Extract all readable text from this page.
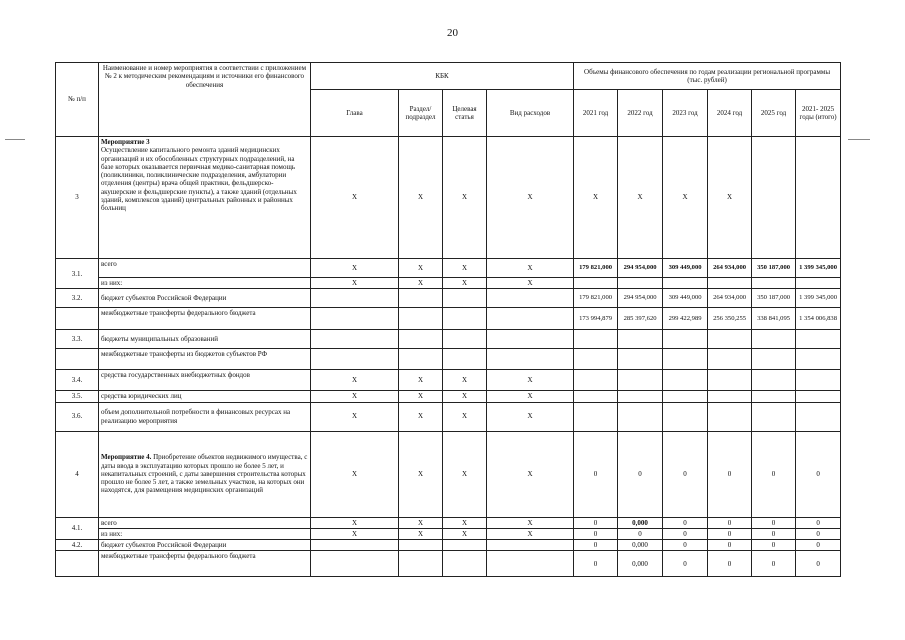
20
№ п/п	Наименование и номер мероприятия в соответствии с приложением № 2 к методическим рекомендациям и источники его финансового обеспечения	КБК				Объемы финансового обеспечения по годам реализации региональной программы (тыс. рублей)					
		Глава	Раздел/ подраздел	Целевая статья	Вид расходов	2021 год	2022 год	2023 год	2024 год	2025 год	2021- 2025 годы (итого)
3	Мероприятие 3
Осуществление капитального ремонта зданий медицинских организаций и их обособленных структурных подразделений, на базе которых оказывается первичная медико-санитарная помощь (поликлиники, поликлинические подразделения, амбулатории отделения (центры) врача общей практики, фельдшерско-акушерские и фельдшерские пункты), а также зданий (отдельных зданий, комплексов зданий) центральных районных и районных больниц	Х	Х	Х	Х	Х	Х	Х	Х		
3.1.	всего	Х	Х	Х	Х	179 821,000	294 954,000	309 449,000	264 934,000	350 187,000	1 399 345,000
	из них:	Х	Х	Х	Х						
3.2.	бюджет субъектов Российской Федерации					179 821,000	294 954,000	309 449,000	264 934,000	350 187,000	1 399 345,000
	межбюджетные трансферты федерального бюджета					173 994,879	285 397,620	299 422,989	256 350,255	338 841,095	1 354 006,838
3.3.	бюджеты муниципальных образований										
	межбюджетные трансферты из бюджетов субъектов РФ										
3.4.	средства государственных внебюджетных фондов	Х	Х	Х	Х						
3.5.	средства юридических лиц	Х	Х	Х	Х						
3.6.	объем дополнительной потребности в финансовых ресурсах на реализацию мероприятия	Х	Х	Х	Х						
4	Мероприятие 4. Приобретение объектов недвижимого имущества, с даты ввода в эксплуатацию которых прошло не более 5 лет, и некапитальных строений, с даты завершения строительства которых прошло не более 5 лет, а также земельных участков, на которых они находятся, для размещения медицинских организаций	Х	Х	Х	Х	0	0	0	0	0	0
4.1.	всего	Х	Х	Х	Х	0	0,000	0	0	0	0
	из них:	Х	Х	Х	Х	0	0	0	0	0	0
4.2.	бюджет субъектов Российской Федерации					0	0,000	0	0	0	0
	межбюджетные трансферты федерального бюджета					0	0,000	0	0	0	0
